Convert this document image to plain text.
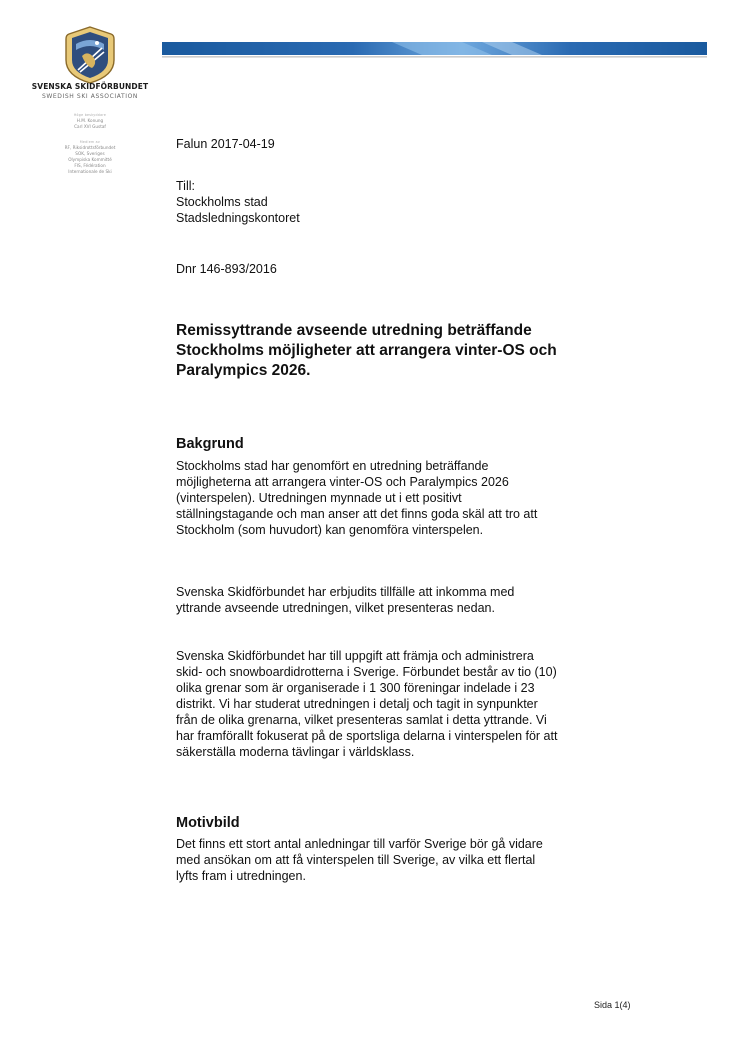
SVENSKA SKIDFÖRBUNDET
SWEDISH SKI ASSOCIATION
Höge beskyddare
H.M. Konung
Carl XVI Gustaf
Medlem av
RF, Riksidrottsförbundet
SOK, Sveriges
Olympiska Kommitté
FIS, Fédération
Internationale de Ski
Falun 2017-04-19
Till:
Stockholms stad
Stadsledningskontoret
Dnr 146-893/2016
Remissyttrande avseende utredning beträffande
Stockholms möjligheter att arrangera vinter-OS och
Paralympics 2026.
Bakgrund

Stockholms stad har genomfört en utredning beträffande
möjligheterna att arrangera vinter-OS och Paralympics 2026
(vinterspelen). Utredningen mynnade ut i ett positivt
ställningstagande och man anser att det finns goda skäl att tro att
Stockholm (som huvudort) kan genomföra vinterspelen.

Svenska Skidförbundet har erbjudits tillfälle att inkomma med
yttrande avseende utredningen, vilket presenteras nedan.

Svenska Skidförbundet har till uppgift att främja och administrera
skid- och snowboardidrotterna i Sverige. Förbundet består av tio (10)
olika grenar som är organiserade i 1 300 föreningar indelade i 23
distrikt. Vi har studerat utredningen i detalj och tagit in synpunkter
från de olika grenarna, vilket presenteras samlat i detta yttrande. Vi
har framförallt fokuserat på de sportsliga delarna i vinterspelen för att
säkerställa moderna tävlingar i världsklass.

Motivbild

Det finns ett stort antal anledningar till varför Sverige bör gå vidare
med ansökan om att få vinterspelen till Sverige, av vilka ett flertal
lyfts fram i utredningen.

Sida 1(4)
